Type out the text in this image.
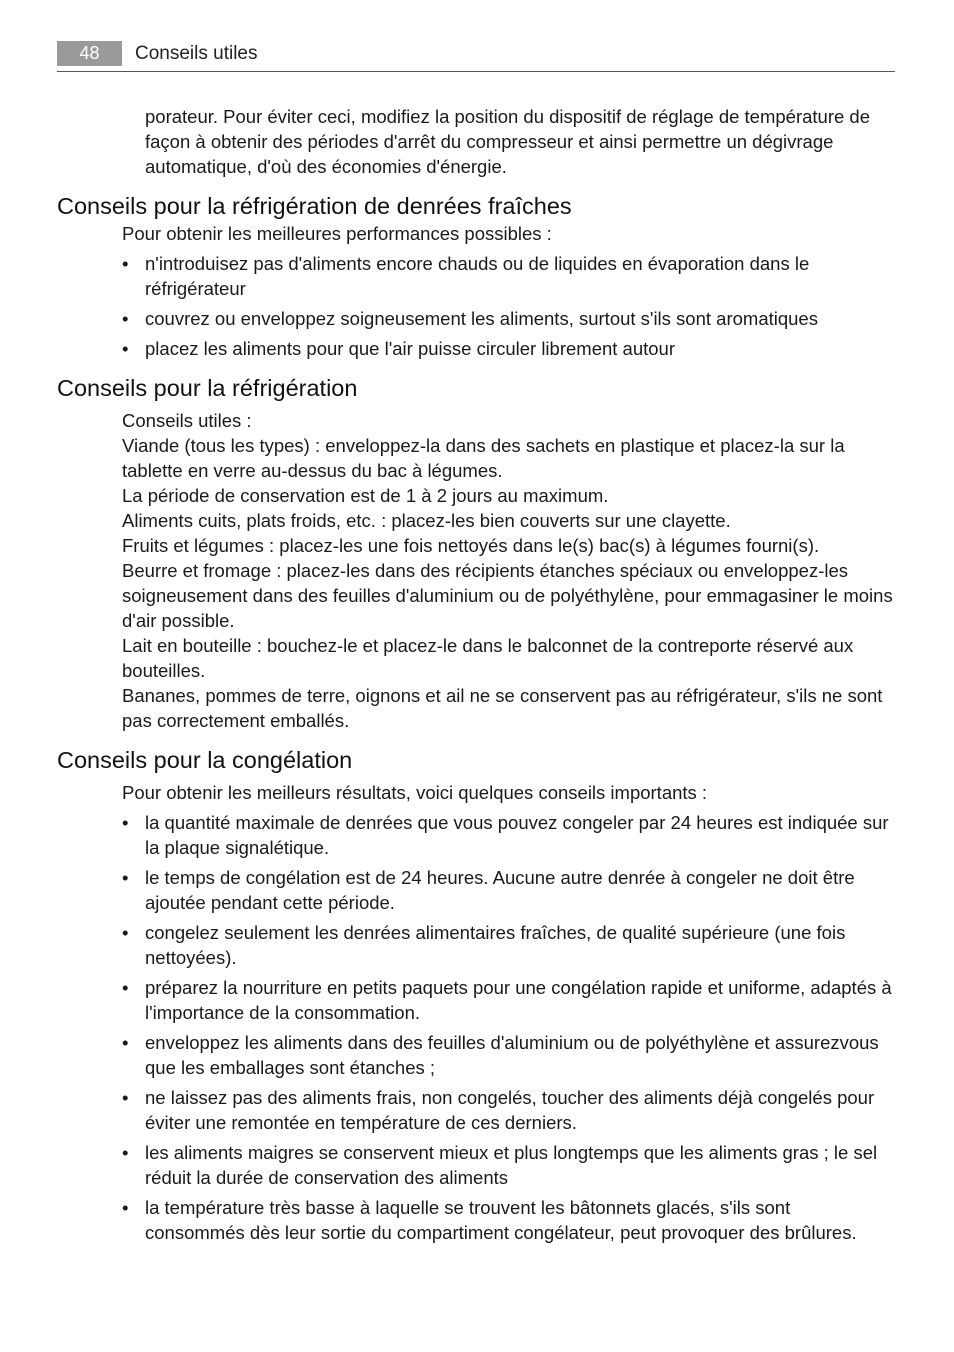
48	Conseils utiles

porateur. Pour éviter ceci, modifiez la position du dispositif de réglage de température de façon à obtenir des périodes d'arrêt du compresseur et ainsi permettre un dégivrage automatique, d'où des économies d'énergie.

Conseils pour la réfrigération de denrées fraîches

Pour obtenir les meilleures performances possibles :

• n'introduisez pas d'aliments encore chauds ou de liquides en évaporation dans le réfrigérateur
• couvrez ou enveloppez soigneusement les aliments, surtout s'ils sont aromatiques
• placez les aliments pour que l'air puisse circuler librement autour
Conseils pour la réfrigération

Conseils utiles :

Viande (tous les types) : enveloppez-la dans des sachets en plastique et placez-la sur la tablette en verre au-dessus du bac à légumes.

La période de conservation est de 1 à 2 jours au maximum.

Aliments cuits, plats froids, etc. : placez-les bien couverts sur une clayette.

Fruits et légumes : placez-les une fois nettoyés dans le(s) bac(s) à légumes fourni(s).

Beurre et fromage : placez-les dans des récipients étanches spéciaux ou enveloppez-les soigneusement dans des feuilles d'aluminium ou de polyéthylène, pour emmagasiner le moins d'air possible.

Lait en bouteille : bouchez-le et placez-le dans le balconnet de la contreporte réservé aux bouteilles.

Bananes, pommes de terre, oignons et ail ne se conservent pas au réfrigérateur, s'ils ne sont pas correctement emballés.

Conseils pour la congélation

Pour obtenir les meilleurs résultats, voici quelques conseils importants :

• la quantité maximale de denrées que vous pouvez congeler par 24 heures est indiquée sur la plaque signalétique.
• le temps de congélation est de 24 heures. Aucune autre denrée à congeler ne doit être ajoutée pendant cette période.
• congelez seulement les denrées alimentaires fraîches, de qualité supérieure (une fois nettoyées).
• préparez la nourriture en petits paquets pour une congélation rapide et uniforme, adaptés à l'importance de la consommation.
• enveloppez les aliments dans des feuilles d'aluminium ou de polyéthylène et assurezvous que les emballages sont étanches ;
• ne laissez pas des aliments frais, non congelés, toucher des aliments déjà congelés pour éviter une remontée en température de ces derniers.
• les aliments maigres se conservent mieux et plus longtemps que les aliments gras ; le sel réduit la durée de conservation des aliments
• la température très basse à laquelle se trouvent les bâtonnets glacés, s'ils sont consommés dès leur sortie du compartiment congélateur, peut provoquer des brûlures.
